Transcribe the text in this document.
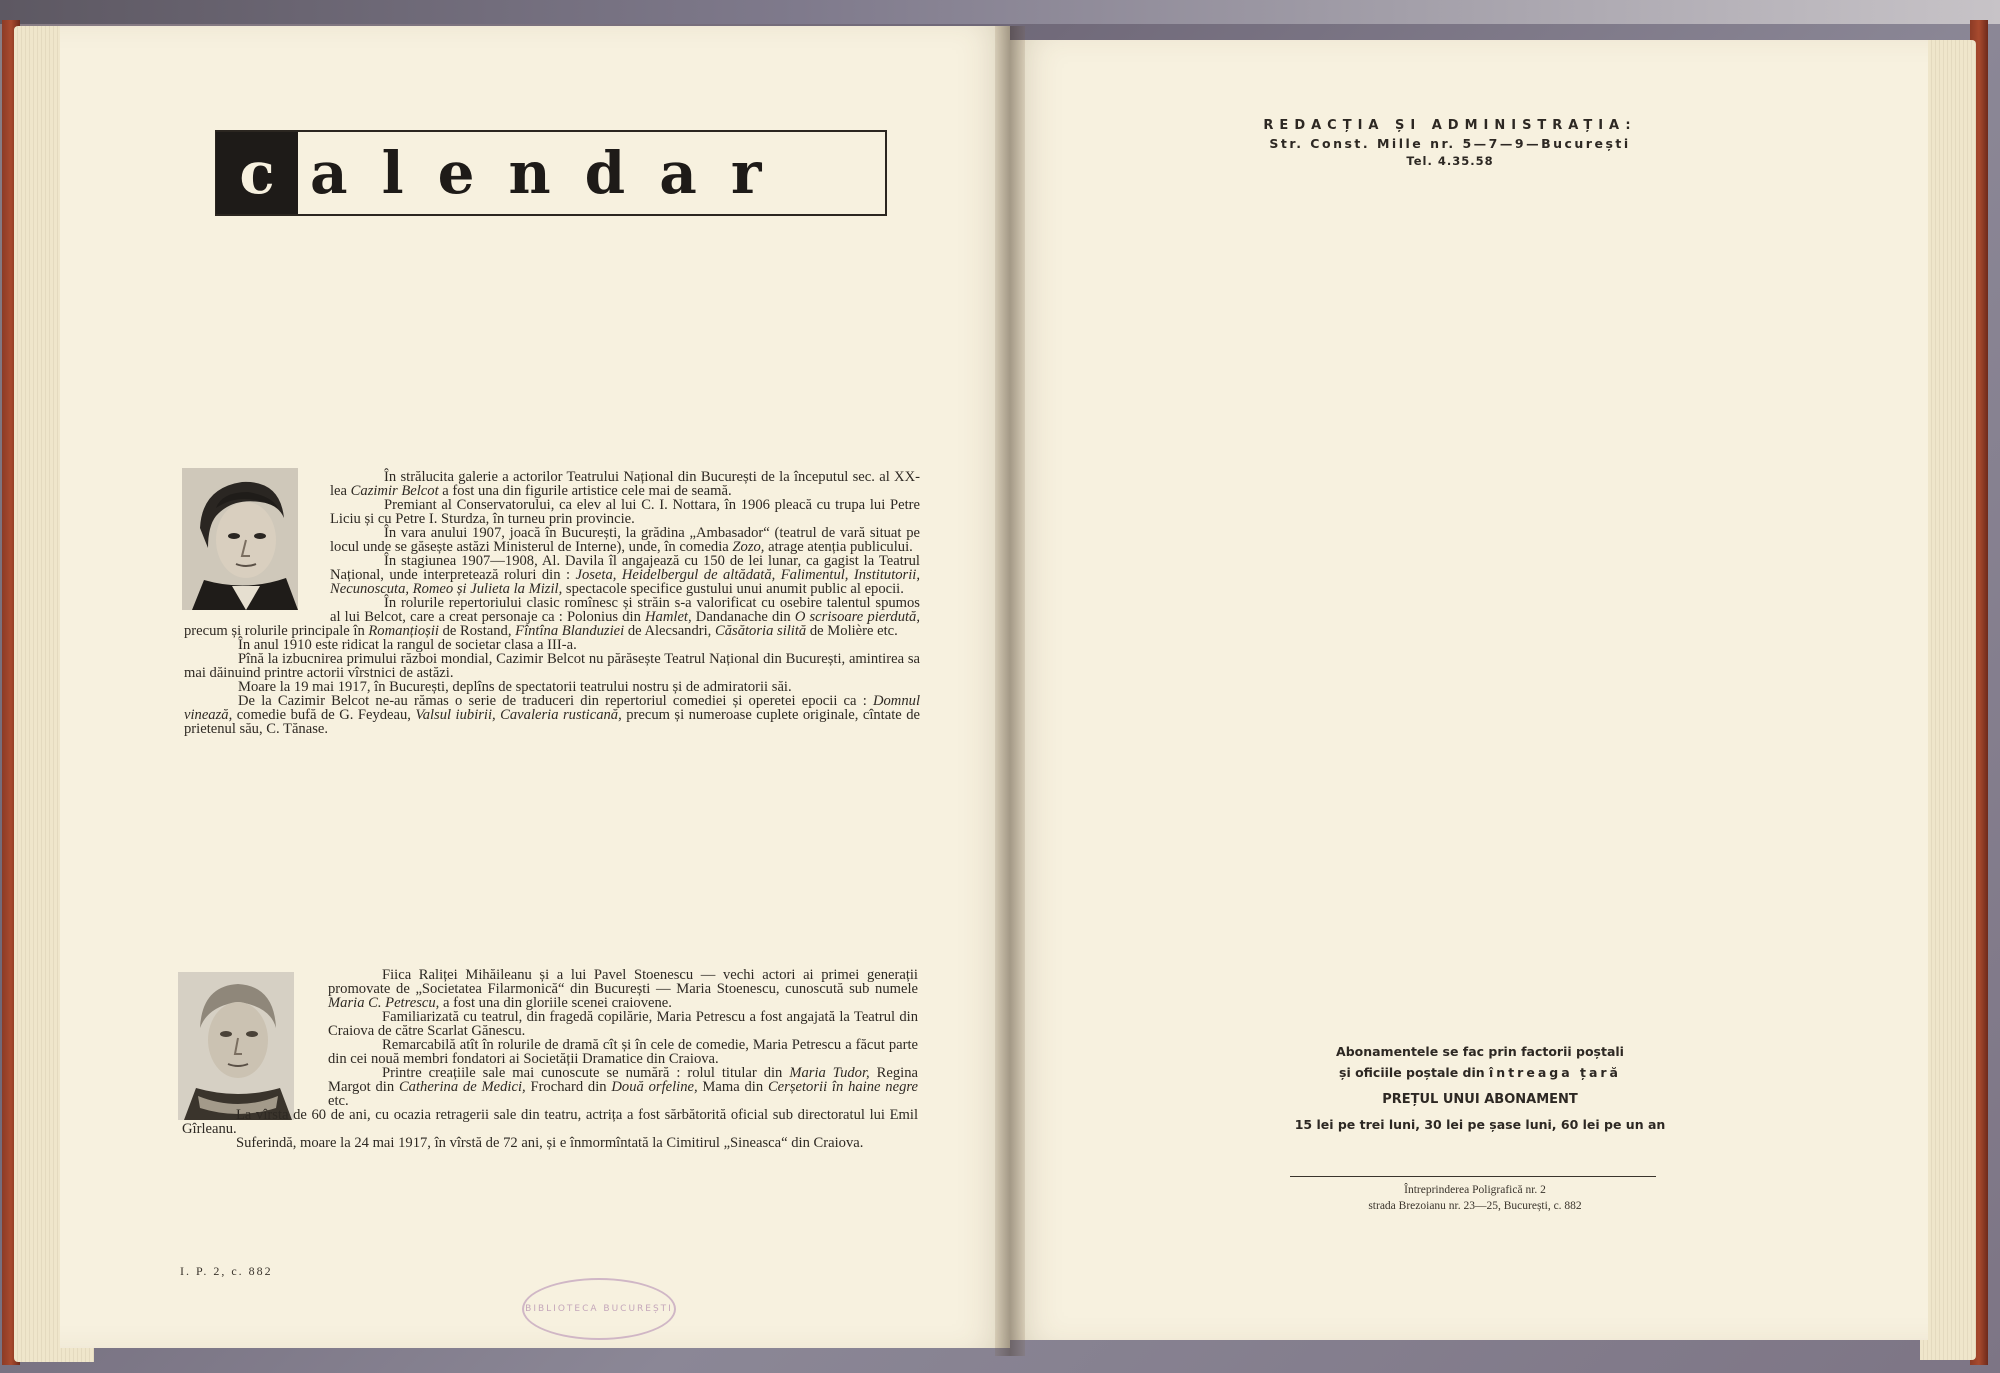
c alendar

În strălucita galerie a actorilor Teatrului Național din București de la începutul sec. al XX-lea Cazimir Belcot a fost una din figurile artistice cele mai de seamă.

Premiant al Conservatorului, ca elev al lui C. I. Nottara, în 1906 pleacă cu trupa lui Petre Liciu și cu Petre I. Sturdza, în turneu prin provincie.

În vara anului 1907, joacă în București, la grădina „Ambasador“ (teatrul de vară situat pe locul unde se găsește astăzi Ministerul de Interne), unde, în comedia Zozo, atrage atenția publicului.

În stagiunea 1907—1908, Al. Davila îl angajează cu 150 de lei lunar, ca gagist la Teatrul Național, unde interpretează roluri din : Joseta, Heidelbergul de altădată, Falimentul, Institutorii, Necunoscuta, Romeo și Julieta la Mizil, spectacole specifice gustului unui anumit public al epocii.

În rolurile repertoriului clasic romînesc și străin s-a valorificat cu osebire talentul spumos al lui Belcot, care a creat personaje ca : Polonius din Hamlet, Dandanache din O scrisoare pierdută, precum și rolurile principale în Romanțioșii de Rostand, Fîntîna Blanduziei de Alecsandri, Căsătoria silită de Molière etc.

În anul 1910 este ridicat la rangul de societar clasa a III-a.

Pînă la izbucnirea primului război mondial, Cazimir Belcot nu părăsește Teatrul Național din București, amintirea sa mai dăinuind printre actorii vîrstnici de astăzi.

Moare la 19 mai 1917, în București, deplîns de spectatorii teatrului nostru și de admiratorii săi.

De la Cazimir Belcot ne-au rămas o serie de traduceri din repertoriul comediei și operetei epocii ca : Domnul vinează, comedie bufă de G. Feydeau, Valsul iubirii, Cavaleria rusticană, precum și numeroase cuplete originale, cîntate de prietenul său, C. Tănase.

Fiica Raliței Mihăileanu și a lui Pavel Stoenescu — vechi actori ai primei generații promovate de „Societatea Filarmonică“ din București — Maria Stoenescu, cunoscută sub numele Maria C. Petrescu, a fost una din gloriile scenei craiovene.

Familiarizată cu teatrul, din fragedă copilărie, Maria Petrescu a fost angajată la Teatrul din Craiova de către Scarlat Gănescu.

Remarcabilă atît în rolurile de dramă cît și în cele de comedie, Maria Petrescu a făcut parte din cei nouă membri fondatori ai Societății Dramatice din Craiova.

Printre creațiile sale mai cunoscute se numără : rolul titular din Maria Tudor, Regina Margot din Catherina de Medici, Frochard din Două orfeline, Mama din Cerșetorii în haine negre etc.

La vîrsta de 60 de ani, cu ocazia retragerii sale din teatru, actrița a fost sărbătorită oficial sub directoratul lui Emil Gîrleanu.

Suferindă, moare la 24 mai 1917, în vîrstă de 72 ani, și e înmormîntată la Cimitirul „Sineasca“ din Craiova.

I. P. 2, c. 882
BIBLIOTECA BUCUREȘTI
REDACȚIA ȘI ADMINISTRAȚIA:
Str. Const. Mille nr. 5—7—9—București
Tel. 4.35.58
Abonamentele se fac prin factorii poștali
și oficiile poștale din întreaga țară
PREȚUL UNUI ABONAMENT
15 lei pe trei luni, 30 lei pe șase luni, 60 lei pe un an
Întreprinderea Poligrafică nr. 2
strada Brezoianu nr. 23—25, București, c. 882
